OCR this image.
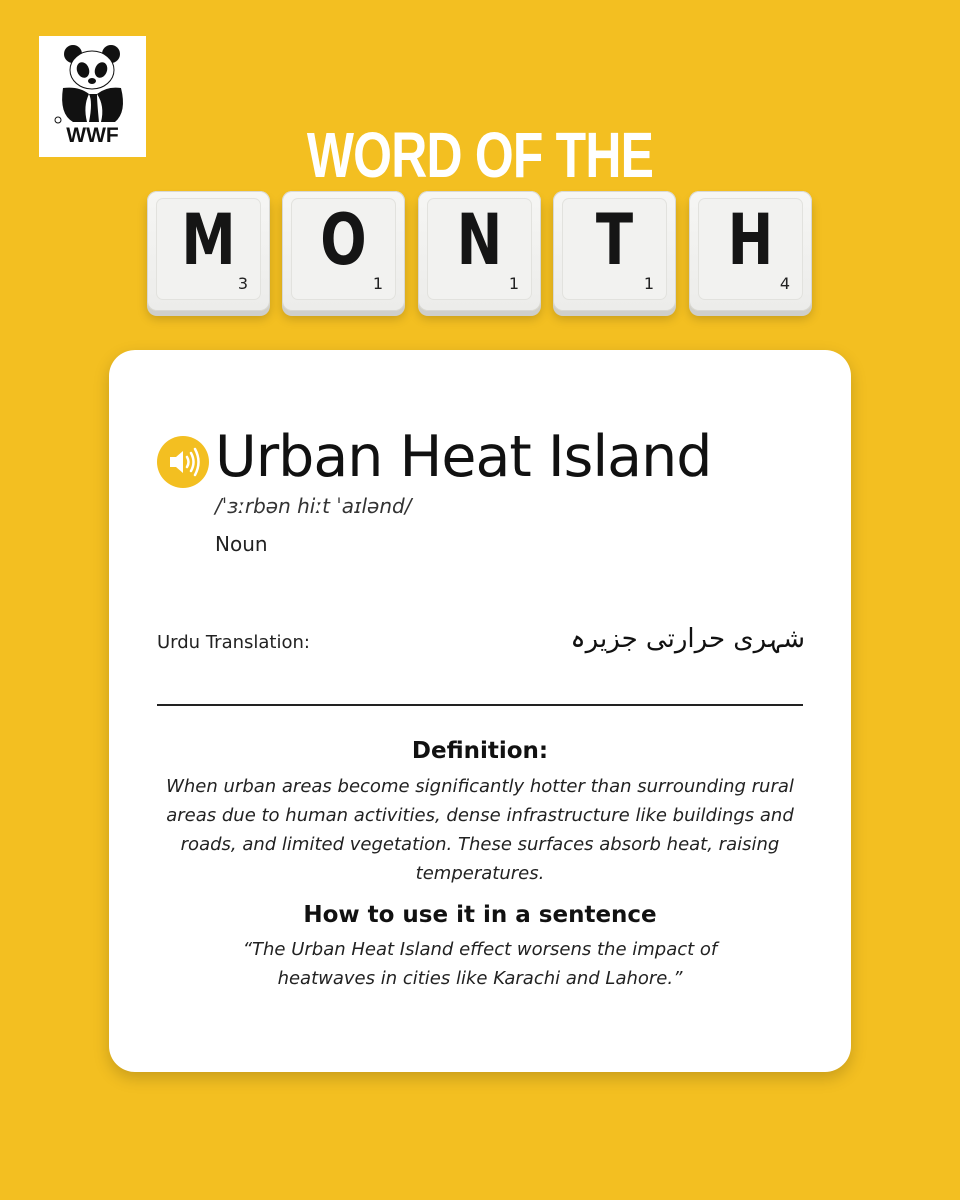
WWF	WORD OF THE
M
3
O
1
N
1
T
1
H
4
Urban Heat Island
/ˈɜːrbən hiːt ˈaɪlənd/
Noun
Urdu Translation:	شہری حرارتی جزیرہ
Definition:
When urban areas become significantly hotter than surrounding rural areas due to human activities, dense infrastructure like buildings and roads, and limited vegetation. These surfaces absorb heat, raising temperatures.
How to use it in a sentence
“The Urban Heat Island effect worsens the impact of heatwaves in cities like Karachi and Lahore.”
